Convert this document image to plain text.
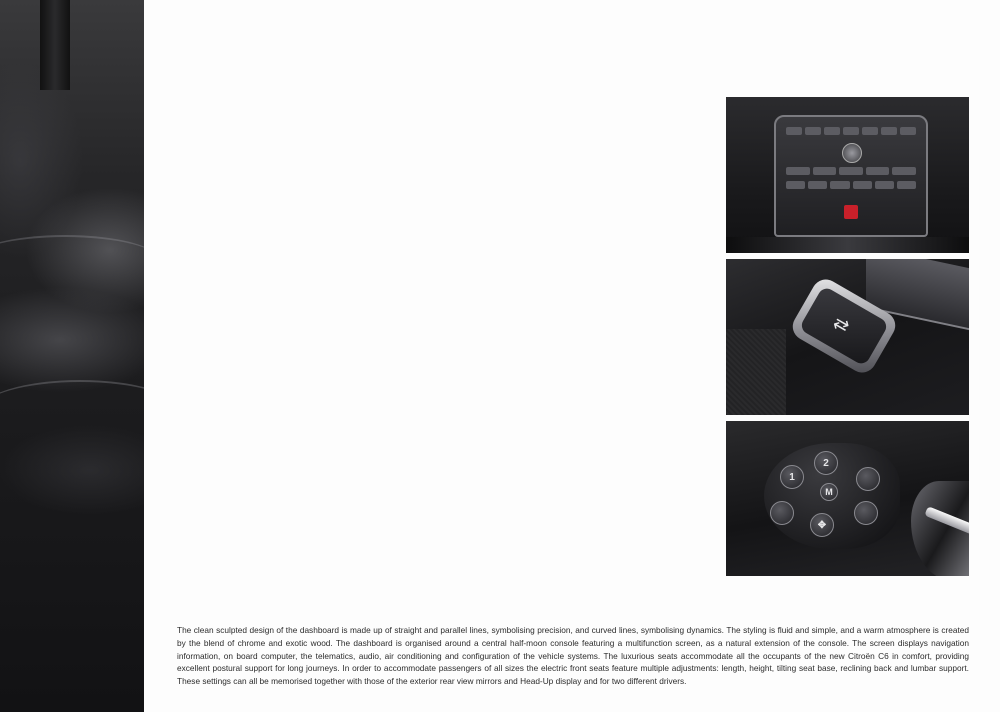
⇄
1
2
M
✥

The clean sculpted design of the dashboard is made up of straight and parallel lines, symbolising precision, and curved lines, symbolising dynamics. The styling is fluid and simple, and a warm atmosphere is created by the blend of chrome and exotic wood. The dashboard is organised around a central half-moon console featuring a multifunction screen, as a natural extension of the console. The screen displays navigation information, on board computer, the telematics, audio, air conditioning and configuration of the vehicle systems. The luxurious seats accommodate all the occupants of the new Citroën C6 in comfort, providing excellent postural support for long journeys. In order to accommodate passengers of all sizes the electric front seats feature multiple adjustments: length, height, tilting seat base, reclining back and lumbar support. These settings can all be memorised together with those of the exterior rear view mirrors and Head-Up display and for two different drivers.
